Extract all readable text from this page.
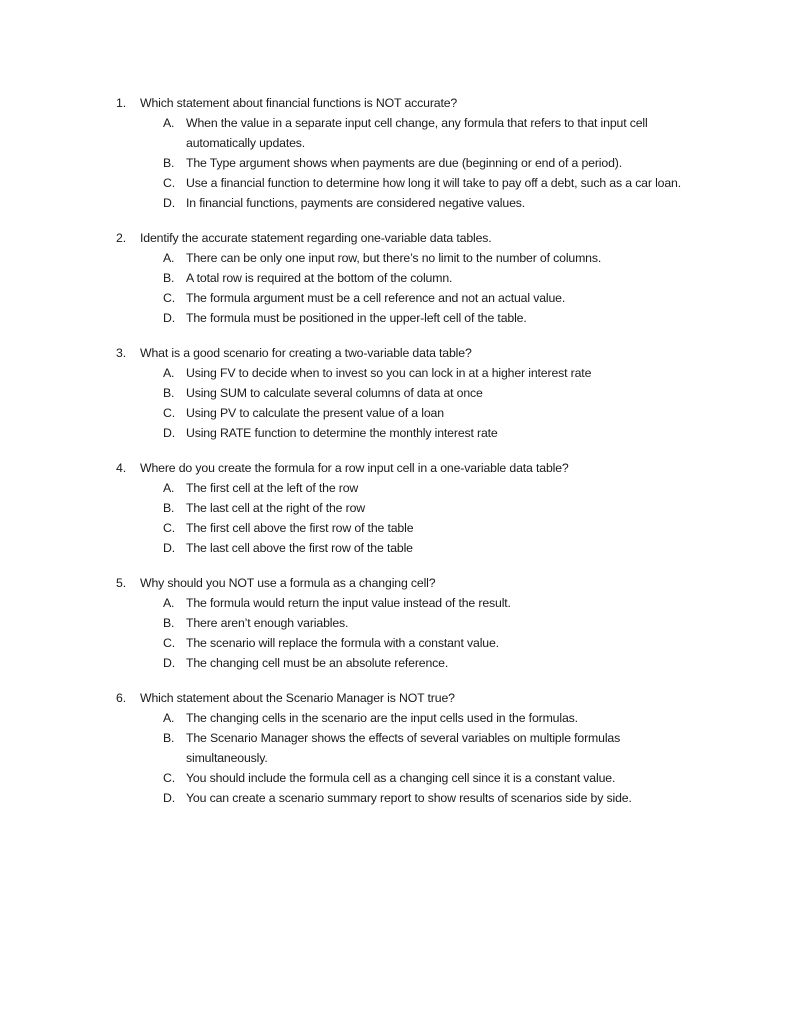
1.	Which statement about financial functions is NOT accurate?
A. When the value in a separate input cell change, any formula that refers to that input cell automatically updates.
B. The Type argument shows when payments are due (beginning or end of a period).
C. Use a financial function to determine how long it will take to pay off a debt, such as a car loan.
D. In financial functions, payments are considered negative values.
2.	Identify the accurate statement regarding one-variable data tables.
A. There can be only one input row, but there’s no limit to the number of columns.
B. A total row is required at the bottom of the column.
C. The formula argument must be a cell reference and not an actual value.
D. The formula must be positioned in the upper-left cell of the table.
3.	What is a good scenario for creating a two-variable data table?
A. Using FV to decide when to invest so you can lock in at a higher interest rate
B. Using SUM to calculate several columns of data at once
C. Using PV to calculate the present value of a loan
D. Using RATE function to determine the monthly interest rate
4.	Where do you create the formula for a row input cell in a one-variable data table?
A. The first cell at the left of the row
B. The last cell at the right of the row
C. The first cell above the first row of the table
D. The last cell above the first row of the table
5.	Why should you NOT use a formula as a changing cell?
A. The formula would return the input value instead of the result.
B. There aren’t enough variables.
C. The scenario will replace the formula with a constant value.
D. The changing cell must be an absolute reference.
6.	Which statement about the Scenario Manager is NOT true?
A. The changing cells in the scenario are the input cells used in the formulas.
B. The Scenario Manager shows the effects of several variables on multiple formulas simultaneously.
C. You should include the formula cell as a changing cell since it is a constant value.
D. You can create a scenario summary report to show results of scenarios side by side.
